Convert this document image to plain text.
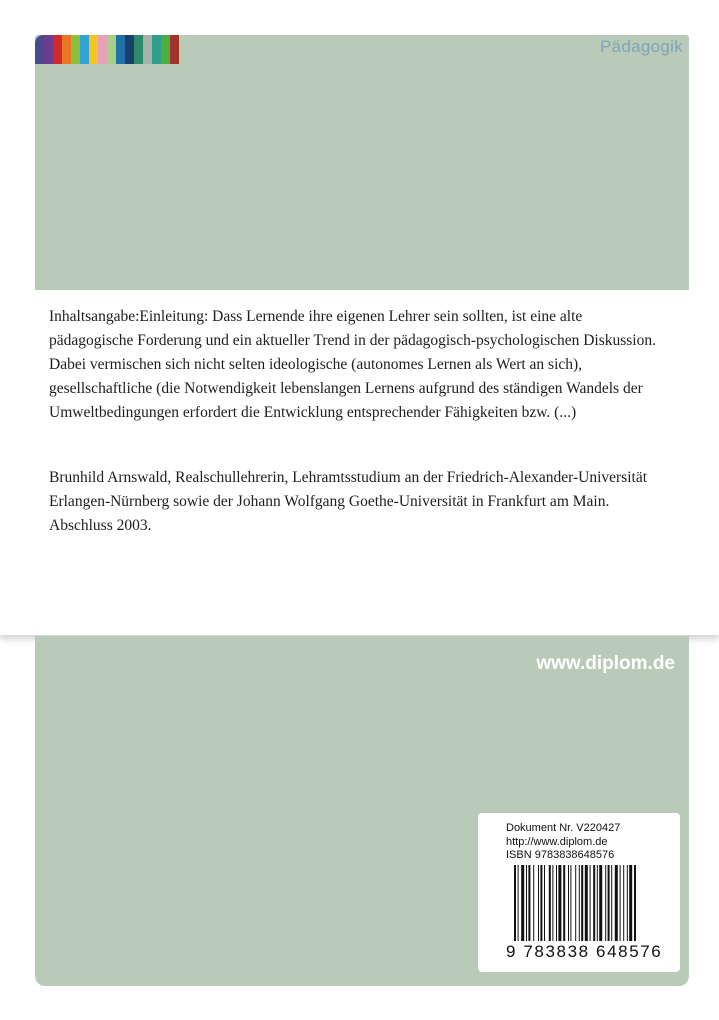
Pädagogik

Inhaltsangabe:Einleitung: Dass Lernende ihre eigenen Lehrer sein sollten, ist eine alte pädagogische Forderung und ein aktueller Trend in der pädagogisch-psychologischen Diskussion. Dabei vermischen sich nicht selten ideologische (autonomes Lernen als Wert an sich), gesellschaftliche (die Notwendigkeit lebenslangen Lernens aufgrund des ständigen Wandels der Umweltbedingungen erfordert die Entwicklung entsprechender Fähigkeiten bzw. (...)

Brunhild Arnswald, Realschullehrerin, Lehramtsstudium an der Friedrich-Alexander-Universität Erlangen-Nürnberg sowie der Johann Wolfgang Goethe-Universität in Frankfurt am Main. Abschluss 2003.

www.diplom.de
Dokument Nr. V220427
http://www.diplom.de
ISBN 9783838648576
9 783838 648576
